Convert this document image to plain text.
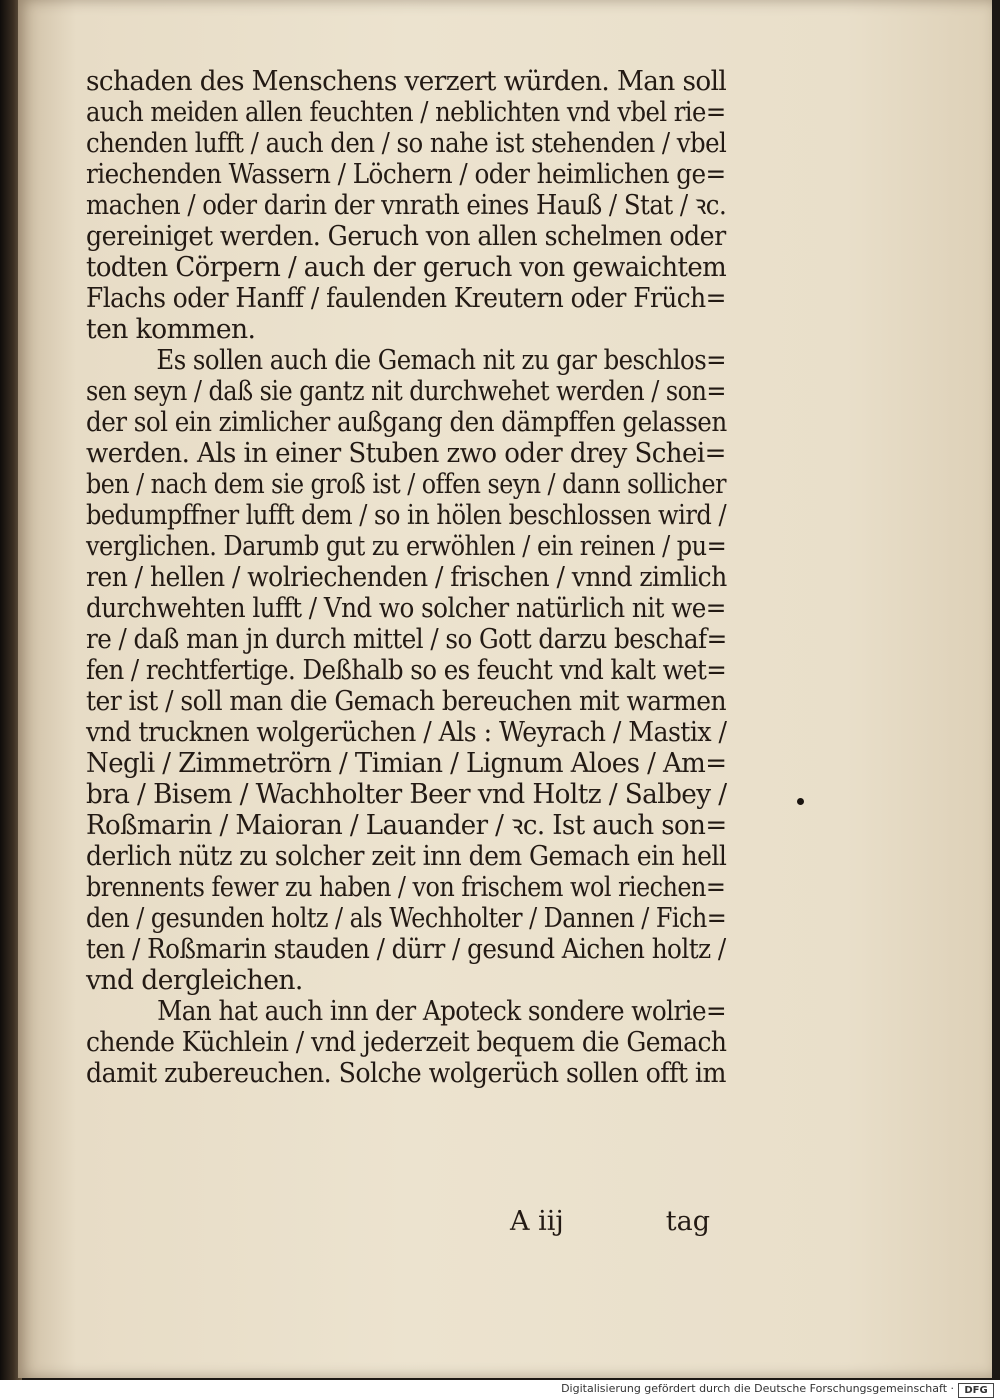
schaden des Menschens verzert würden. Man soll
auch meiden allen feuchten / neblichten vnd vbel rie=
chenden lufft / auch den / so nahe ist stehenden / vbel
riechenden Wassern / Löchern / oder heimlichen ge=
machen / oder darin der vnrath eines Hauß / Stat / ꝛc.
gereiniget werden. Geruch von allen schelmen oder
todten Cörpern / auch der geruch von gewaichtem
Flachs oder Hanff / faulenden Kreutern oder Früch=
ten kommen.
Es sollen auch die Gemach nit zu gar beschlos=
sen seyn / daß sie gantz nit durchwehet werden / son=
der sol ein zimlicher außgang den dämpffen gelassen
werden. Als in einer Stuben zwo oder drey Schei=
ben / nach dem sie groß ist / offen seyn / dann sollicher
bedumpffner lufft dem / so in hölen beschlossen wird /
verglichen. Darumb gut zu erwöhlen / ein reinen / pu=
ren / hellen / wolriechenden / frischen / vnnd zimlich
durchwehten lufft / Vnd wo solcher natürlich nit we=
re / daß man jn durch mittel / so Gott darzu beschaf=
fen / rechtfertige. Deßhalb so es feucht vnd kalt wet=
ter ist / soll man die Gemach bereuchen mit warmen
vnd trucknen wolgerüchen / Als : Weyrach / Mastix /
Negli / Zimmetrörn / Timian / Lignum Aloes / Am=
bra / Bisem / Wachholter Beer vnd Holtz / Salbey /
Roßmarin / Maioran / Lauander / ꝛc. Ist auch son=
derlich nütz zu solcher zeit inn dem Gemach ein hell
brennents fewer zu haben / von frischem wol riechen=
den / gesunden holtz / als Wechholter / Dannen / Fich=
ten / Roßmarin stauden / dürr / gesund Aichen holtz /
vnd dergleichen.
Man hat auch inn der Apoteck sondere wolrie=
chende Küchlein / vnd jederzeit bequem die Gemach
damit zubereuchen. Solche wolgerüch sollen offt im
A iij	tag
Digitalisierung gefördert durch die Deutsche Forschungsgemeinschaft ·	DFG
